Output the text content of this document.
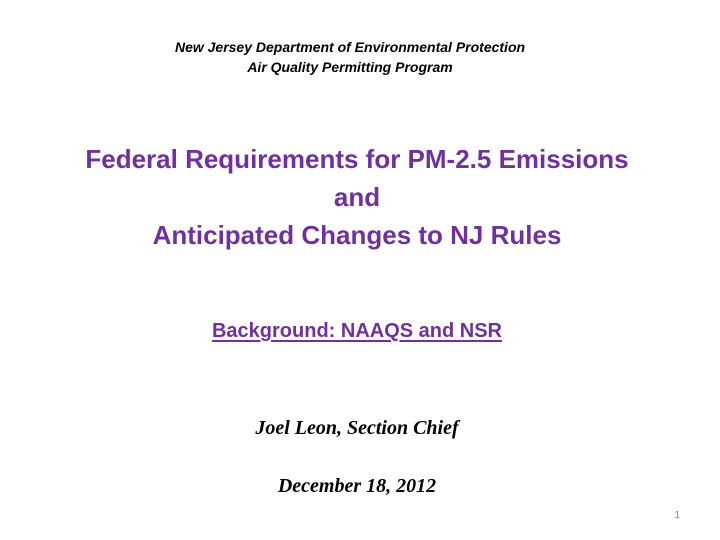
New Jersey Department of Environmental Protection
Air Quality Permitting Program
Federal Requirements for PM-2.5 Emissions
and
Anticipated Changes to NJ Rules
Background: NAAQS and NSR
Joel Leon, Section Chief
December 18, 2012
1
